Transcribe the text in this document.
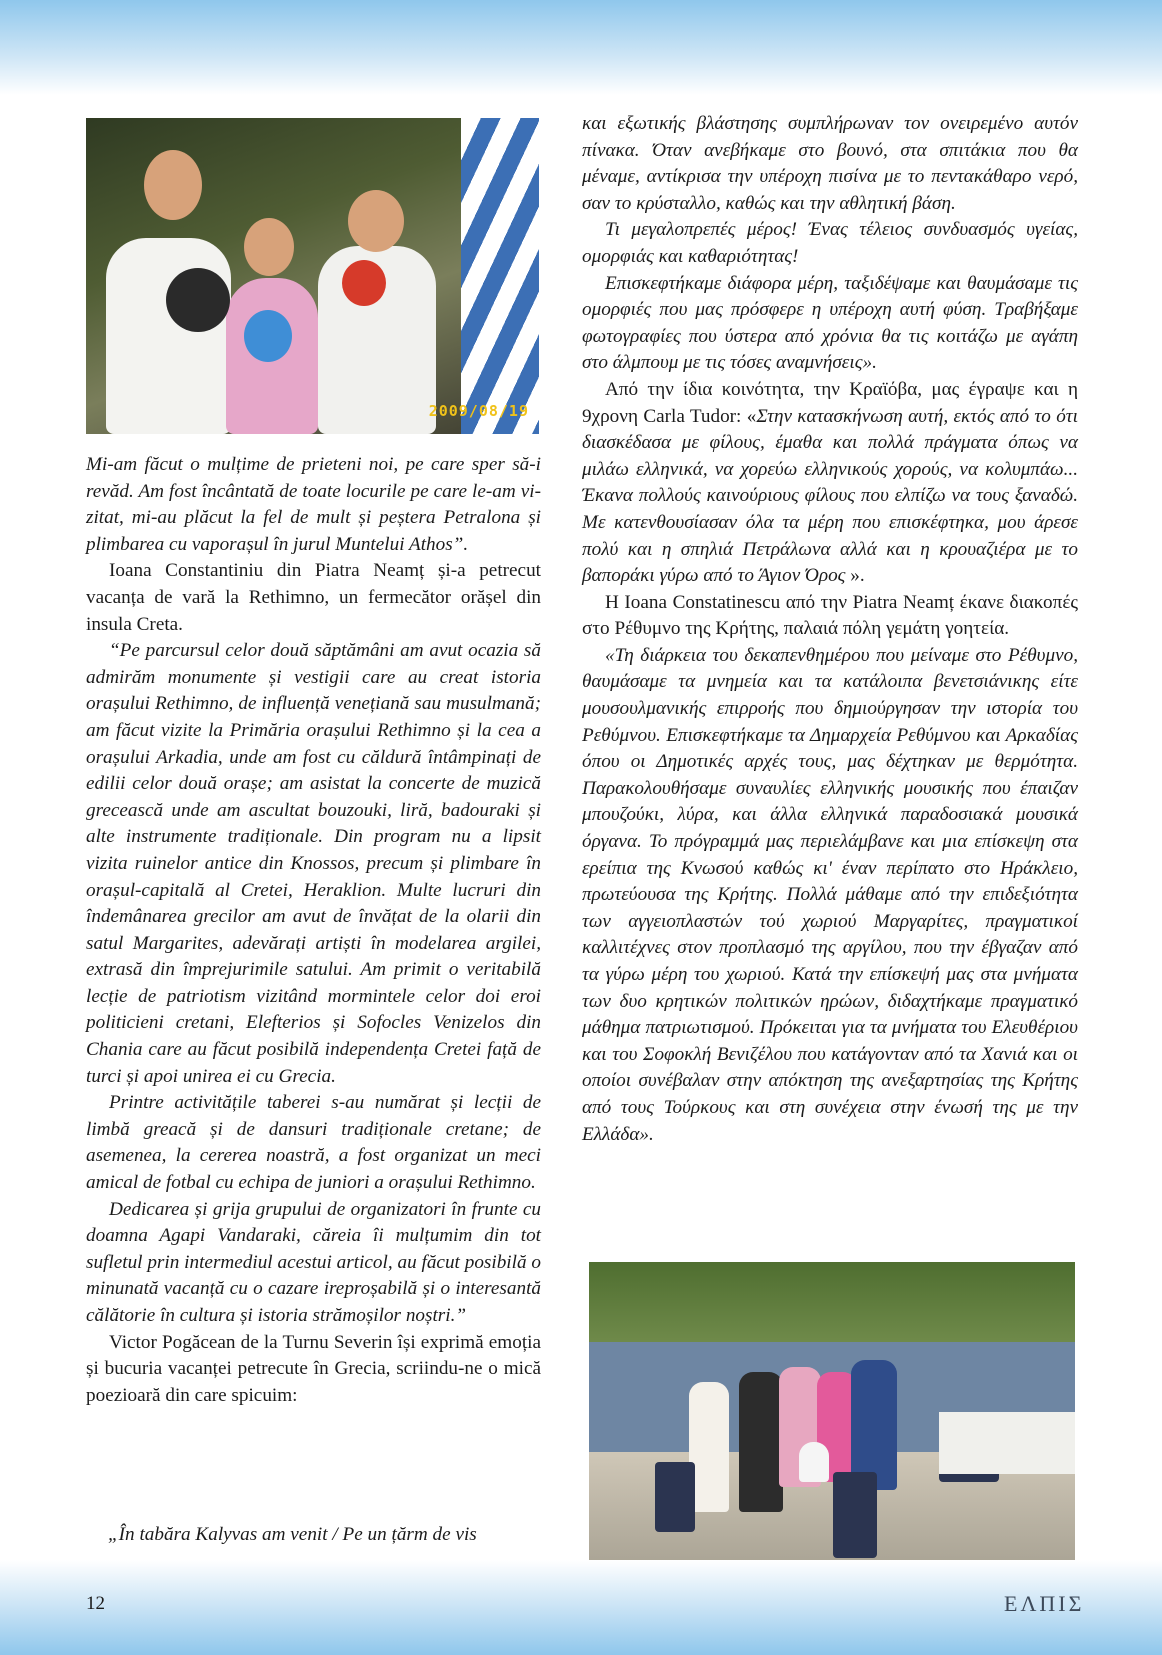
2009/08/19

Mi-am făcut o mulțime de prieteni noi, pe care sper să-i revăd. Am fost încântată de toate locurile pe care le-am vi-zitat, mi-au plăcut la fel de mult și peștera Petralona și plimbarea cu vaporașul în jurul Muntelui Athos”.

Ioana Constantiniu din Piatra Neamț și-a petrecut vacanța de vară la Rethimno, un fermecător orășel din insula Creta.

“Pe parcursul celor două săptămâni am avut ocazia să admirăm monumente și vestigii care au creat istoria orașului Rethimno, de influență venețiană sau musulmană; am făcut vizite la Primăria orașului Rethimno și la cea a orașului Arkadia, unde am fost cu căldură întâmpinați de edilii celor două orașe; am asistat la concerte de muzică grecească unde am ascultat bouzouki, liră, badouraki și alte instrumente tradiționale. Din program nu a lipsit vizita ruinelor antice din Knossos, precum și plimbare în orașul-capitală al Cretei, Heraklion. Multe lucruri din îndemânarea grecilor am avut de învățat de la olarii din satul Margarites, adevărați artiști în modelarea argilei, extrasă din împrejurimile satului. Am primit o veritabilă lecție de patriotism vizitând mormintele celor doi eroi politicieni cretani, Elefterios și Sofocles Venizelos din Chania care au făcut posibilă independența Cretei față de turci și apoi unirea ei cu Grecia.

Printre activitățile taberei s-au numărat și lecții de limbă greacă și de dansuri tradiționale cretane; de asemenea, la cererea noastră, a fost organizat un meci amical de fotbal cu echipa de juniori a orașului Rethimno.

Dedicarea și grija grupului de organizatori în frunte cu doamna Agapi Vandaraki, căreia îi mulțumim din tot sufletul prin intermediul acestui articol, au făcut posibilă o minunată vacanță cu o cazare ireproșabilă și o interesantă călătorie în cultura și istoria strămoșilor noștri.”

Victor Pogăcean de la Turnu Severin își exprimă emoția și bucuria vacanței petrecute în Grecia, scriindu-ne o mică poezioară din care spicuim:

„În tabăra Kalyvas am venit / Pe un țărm de vis

και εξωτικής βλάστησης συμπλήρωναν τον ονειρεμένο αυτόν πίνακα. Όταν ανεβήκαμε στο βουνό, στα σπιτάκια που θα μέναμε, αντίκρισα την υπέροχη πισίνα με το πεντακάθαρο νερό, σαν το κρύσταλλο, καθώς και την αθλητική βάση.

Τι μεγαλοπρεπές μέρος! Ένας τέλειος συνδυασμός υγείας, ομορφιάς και καθαριότητας!

Επισκεφτήκαμε διάφορα μέρη, ταξιδέψαμε και θαυμάσαμε τις ομορφιές που μας πρόσφερε η υπέροχη αυτή φύση. Τραβήξαμε φωτογραφίες που ύστερα από χρόνια θα τις κοιτάζω με αγάπη στο άλμπουμ με τις τόσες αναμνήσεις».

Από την ίδια κοινότητα, την Κραϊόβα, μας έγραψε και η 9χρονη Carla Tudor: «Στην κατασκήνωση αυτή, εκτός από το ότι διασκέδασα με φίλους, έμαθα και πολλά πράγματα όπως να μιλάω ελληνικά, να χορεύω ελληνικούς χορούς, να κολυμπάω... Έκανα πολλούς καινούριους φίλους που ελπίζω να τους ξαναδώ. Με κατενθουσίασαν όλα τα μέρη που επισκέφτηκα, μου άρεσε πολύ και η σπηλιά Πετράλωνα αλλά και η κρουαζιέρα με το βαποράκι γύρω από το Άγιον Όρος ».

Η Ioana Constatinescu από την Piatra Neamț έκανε διακοπές στο Ρέθυμνο της Κρήτης, παλαιά πόλη γεμάτη γοητεία.

«Τη διάρκεια του δεκαπενθημέρου που μείναμε στο Ρέθυμνο, θαυμάσαμε τα μνημεία και τα κατάλοιπα βενετσιάνικης είτε μουσουλμανικής επιρροής που δημιούργησαν την ιστορία του Ρεθύμνου. Επισκεφτήκαμε τα Δημαρχεία Ρεθύμνου και Αρκαδίας όπου οι Δημοτικές αρχές τους, μας δέχτηκαν με θερμότητα. Παρακολουθήσαμε συναυλίες ελληνικής μουσικής που έπαιζαν μπουζούκι, λύρα, και άλλα ελληνικά παραδοσιακά μουσικά όργανα. Το πρόγραμμά μας περιελάμβανε και μια επίσκεψη στα ερείπια της Κνωσού καθώς κι' έναν περίπατο στο Ηράκλειο, πρωτεύουσα της Κρήτης. Πολλά μάθαμε από την επιδεξιότητα των αγγειοπλαστών τού χωριού Μαργαρίτες, πραγματικοί καλλιτέχνες στον προπλασμό της αργίλου, που την έβγαζαν από τα γύρω μέρη του χωριού. Κατά την επίσκεψή μας στα μνήματα των δυο κρητικών πολιτικών ηρώων, διδαχτήκαμε πραγματικό μάθημα πατριωτισμού. Πρόκειται για τα μνήματα του Ελευθέριου και του Σοφοκλή Βενιζέλου που κατάγονταν από τα Χανιά και οι οποίοι συνέβαλαν στην απόκτηση της ανεξαρτησίας της Κρήτης από τους Τούρκους και στη συνέχεια στην ένωσή της με την Ελλάδα».

12	ΕΛΠΙΣ
